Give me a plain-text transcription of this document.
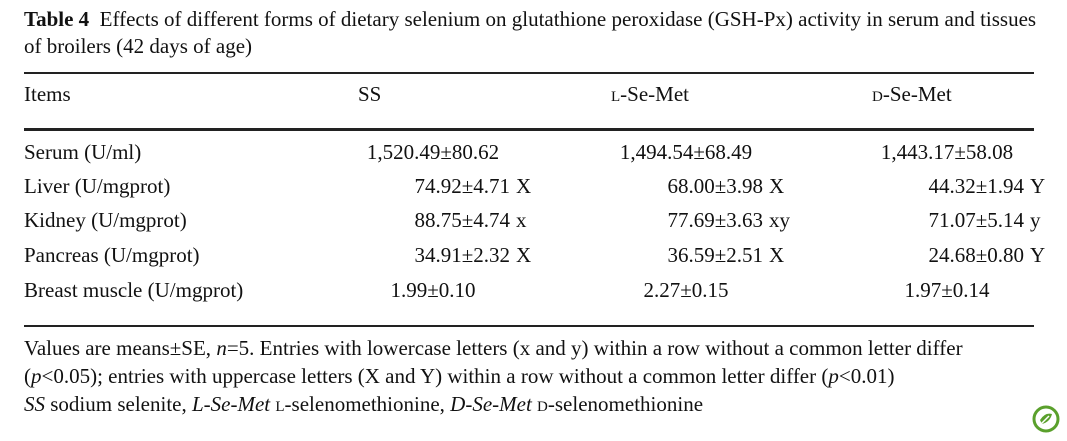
Table 4 Effects of different forms of dietary selenium on glutathione peroxidase (GSH-Px) activity in serum and tissues of broilers (42 days of age)
Items	SS	l-Se-Met	d-Se-Met
Serum (U/ml)	1,520.49±80.62	1,494.54±68.49	1,443.17±58.08
Liver (U/mgprot)	74.92±4.71 X	68.00±3.98 X	44.32±1.94 Y
Kidney (U/mgprot)	88.75±4.74 x	77.69±3.63 xy	71.07±5.14 y
Pancreas (U/mgprot)	34.91±2.32 X	36.59±2.51 X	24.68±0.80 Y
Breast muscle (U/mgprot)	1.99±0.10	2.27±0.15	1.97±0.14

Values are means±SE, n=5. Entries with lowercase letters (x and y) within a row without a common letter differ

(p<0.05); entries with uppercase letters (X and Y) within a row without a common letter differ (p<0.01)

SS sodium selenite, L-Se-Met l-selenomethionine, D-Se-Met d-selenomethionine
